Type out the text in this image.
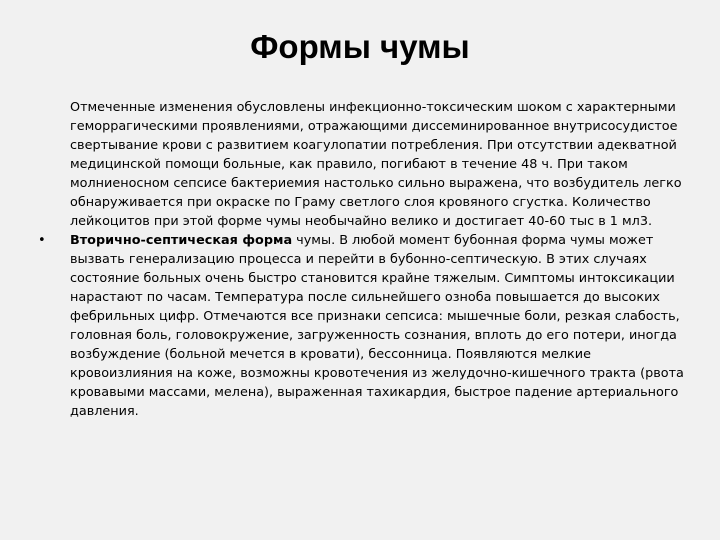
Формы чумы

Отмеченные изменения обусловлены инфекционно-токсическим шоком с характерными геморрагическими проявлениями, отражающими диссеминированное внутрисосудистое свертывание крови с развитием коагулопатии потребления. При отсутствии адекватной медицинской помощи больные, как правило, погибают в течение 48 ч. При таком молниеносном сепсисе бактериемия настолько сильно выражена, что возбудитель легко обнаруживается при окраске по Граму светлого слоя кровяного сгустка. Количество лейкоцитов при этой форме чумы необычайно велико и достигает 40-60 тыс в 1 мл3.

• Вторично-септическая форма чумы. В любой момент бубонная форма чумы может вызвать генерализацию процесса и перейти в бубонно-септическую. В этих случаях состояние больных очень быстро становится крайне тяжелым. Симптомы интоксикации нарастают по часам. Температура после сильнейшего озноба повышается до высоких фебрильных цифр. Отмечаются все признаки сепсиса: мышечные боли, резкая слабость, головная боль, головокружение, загруженность сознания, вплоть до его потери, иногда возбуждение (больной мечется в кровати), бессонница. Появляются мелкие кровоизлияния на коже, возможны кровотечения из желудочно-кишечного тракта (рвота кровавыми массами, мелена), выраженная тахикардия, быстрое падение артериального давления.
